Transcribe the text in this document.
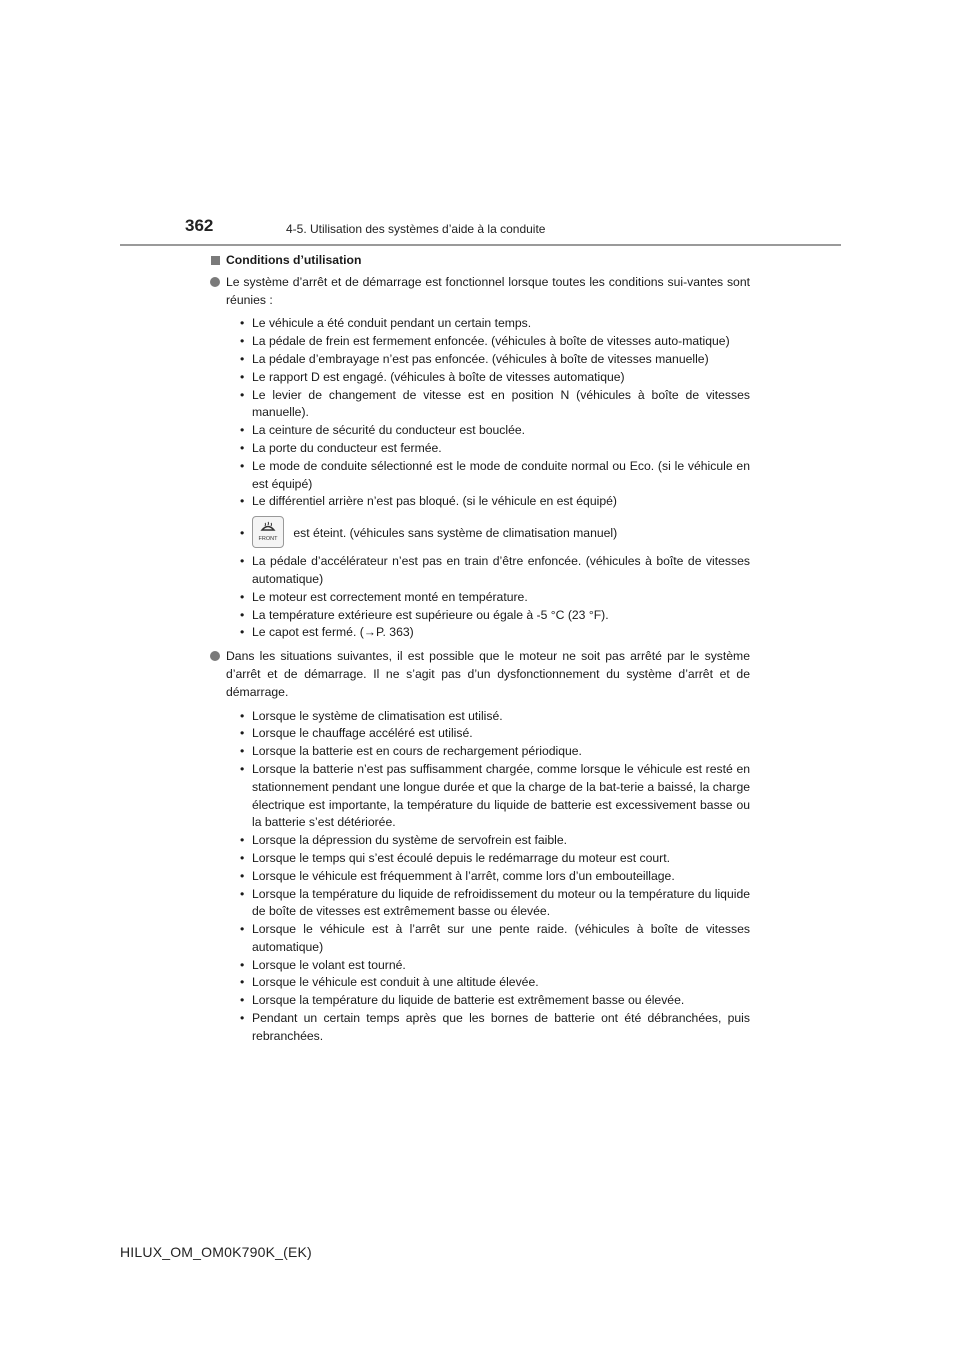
362	4-5. Utilisation des systèmes d’aide à la conduite
Conditions d’utilisation
Le système d’arrêt et de démarrage est fonctionnel lorsque toutes les conditions sui-vantes sont réunies :
• Le véhicule a été conduit pendant un certain temps.
• La pédale de frein est fermement enfoncée. (véhicules à boîte de vitesses auto-matique)
• La pédale d’embrayage n’est pas enfoncée. (véhicules à boîte de vitesses manuelle)
• Le rapport D est engagé. (véhicules à boîte de vitesses automatique)
• Le levier de changement de vitesse est en position N (véhicules à boîte de vitesses manuelle).
• La ceinture de sécurité du conducteur est bouclée.
• La porte du conducteur est fermée.
• Le mode de conduite sélectionné est le mode de conduite normal ou Eco. (si le véhicule en est équipé)
• Le différentiel arrière n’est pas bloqué. (si le véhicule en est équipé)
• FRONT est éteint. (véhicules sans système de climatisation manuel)
• La pédale d’accélérateur n’est pas en train d’être enfoncée. (véhicules à boîte de vitesses automatique)
• Le moteur est correctement monté en température.
• La température extérieure est supérieure ou égale à -5 °C (23 °F).
• Le capot est fermé. (→P. 363)
Dans les situations suivantes, il est possible que le moteur ne soit pas arrêté par le système d’arrêt et de démarrage. Il ne s’agit pas d’un dysfonctionnement du système d’arrêt et de démarrage.
• Lorsque le système de climatisation est utilisé.
• Lorsque le chauffage accéléré est utilisé.
• Lorsque la batterie est en cours de rechargement périodique.
• Lorsque la batterie n’est pas suffisamment chargée, comme lorsque le véhicule est resté en stationnement pendant une longue durée et que la charge de la bat-terie a baissé, la charge électrique est importante, la température du liquide de batterie est excessivement basse ou la batterie s’est détériorée.
• Lorsque la dépression du système de servofrein est faible.
• Lorsque le temps qui s’est écoulé depuis le redémarrage du moteur est court.
• Lorsque le véhicule est fréquemment à l’arrêt, comme lors d’un embouteillage.
• Lorsque la température du liquide de refroidissement du moteur ou la température du liquide de boîte de vitesses est extrêmement basse ou élevée.
• Lorsque le véhicule est à l’arrêt sur une pente raide. (véhicules à boîte de vitesses automatique)
• Lorsque le volant est tourné.
• Lorsque le véhicule est conduit à une altitude élevée.
• Lorsque la température du liquide de batterie est extrêmement basse ou élevée.
• Pendant un certain temps après que les bornes de batterie ont été débranchées, puis rebranchées.
HILUX_OM_OM0K790K_(EK)
